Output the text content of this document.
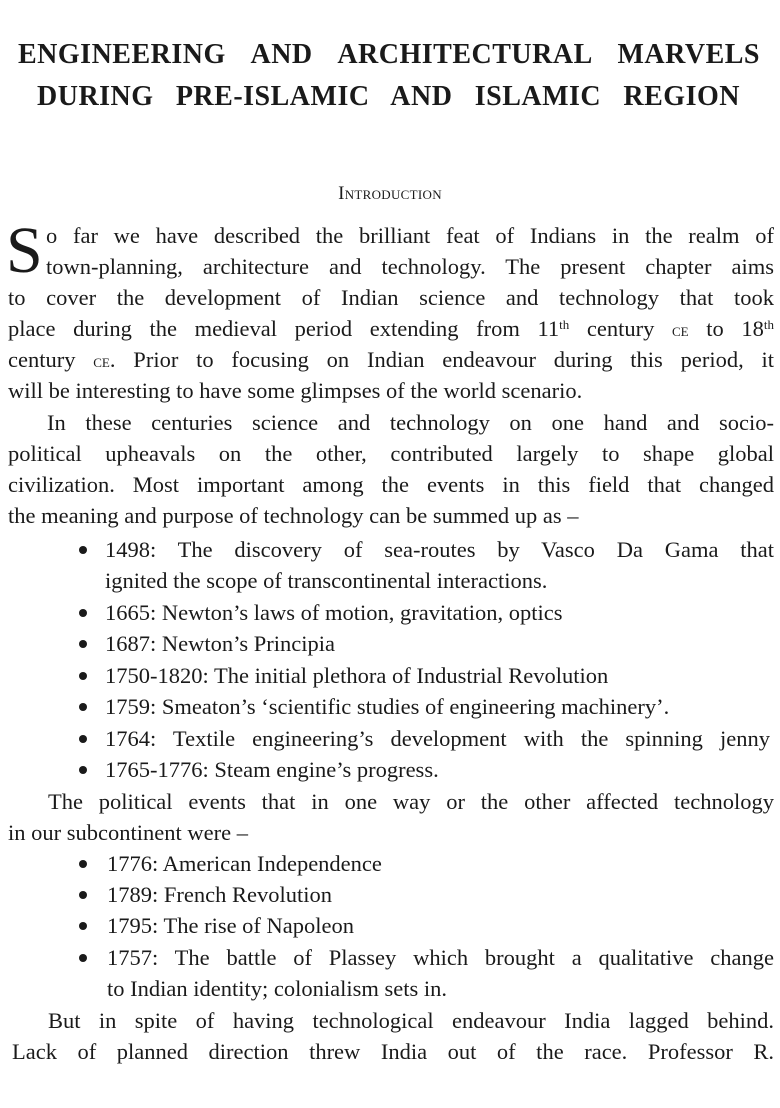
ENGINEERING AND ARCHITECTURAL MARVELS
DURING PRE-ISLAMIC AND ISLAMIC REGION
Introduction
S o far we have described the brilliant feat of Indians in the realm of
town-planning, architecture and technology. The present chapter aims
to cover the development of Indian science and technology that took
place during the medieval period extending from 11th century ce to 18th
century ce. Prior to focusing on Indian endeavour during this period, it
will be interesting to have some glimpses of the world scenario.
In these centuries science and technology on one hand and socio-
political upheavals on the other, contributed largely to shape global
civilization. Most important among the events in this field that changed
the meaning and purpose of technology can be summed up as –
1498: The discovery of sea-routes by Vasco Da Gama that
ignited the scope of transcontinental interactions.
1665: Newton’s laws of motion, gravitation, optics
1687: Newton’s Principia
1750-1820: The initial plethora of Industrial Revolution
1759: Smeaton’s ‘scientific studies of engineering machinery’.
1764: Textile engineering’s development with the spinning jenny
1765-1776: Steam engine’s progress.
The political events that in one way or the other affected technology
in our subcontinent were –
1776: American Independence
1789: French Revolution
1795: The rise of Napoleon
1757: The battle of Plassey which brought a qualitative change
to Indian identity; colonialism sets in.
But in spite of having technological endeavour India lagged behind.
Lack of planned direction threw India out of the race. Professor R.
